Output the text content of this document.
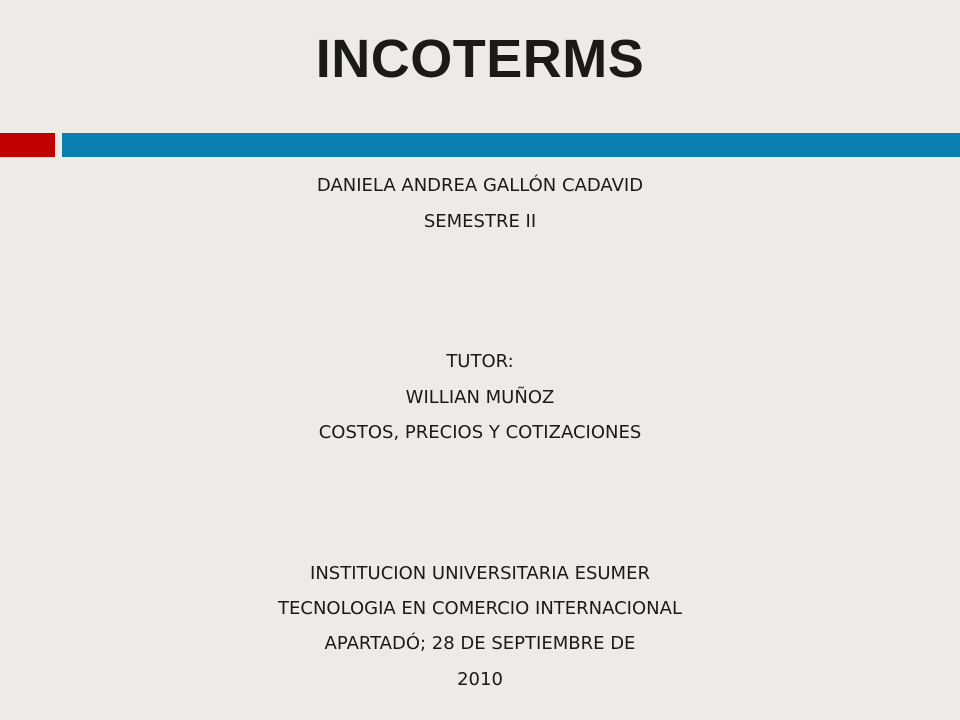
INCOTERMS
DANIELA ANDREA GALLÓN CADAVID
SEMESTRE II
TUTOR:
WILLIAN MUÑOZ
COSTOS, PRECIOS Y COTIZACIONES
INSTITUCION UNIVERSITARIA ESUMER
TECNOLOGIA EN COMERCIO INTERNACIONAL
APARTADÓ; 28 DE SEPTIEMBRE DE
2010
